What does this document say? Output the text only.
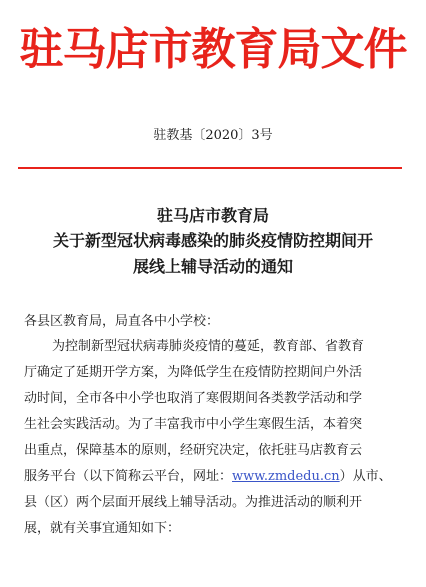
驻马店市教育局文件
驻教基〔2020〕3号
驻马店市教育局
关于新型冠状病毒感染的肺炎疫情防控期间开
展线上辅导活动的通知
各县区教育局，局直各中小学校：
为控制新型冠状病毒肺炎疫情的蔓延，教育部、省教育
厅确定了延期开学方案，为降低学生在疫情防控期间户外活
动时间，全市各中小学也取消了寒假期间各类教学活动和学
生社会实践活动。为了丰富我市中小学生寒假生活，本着突
出重点，保障基本的原则，经研究决定，依托驻马店教育云
服务平台（以下简称云平台，网址：www.zmdedu.cn）从市、
县（区）两个层面开展线上辅导活动。为推进活动的顺利开
展，就有关事宜通知如下：
